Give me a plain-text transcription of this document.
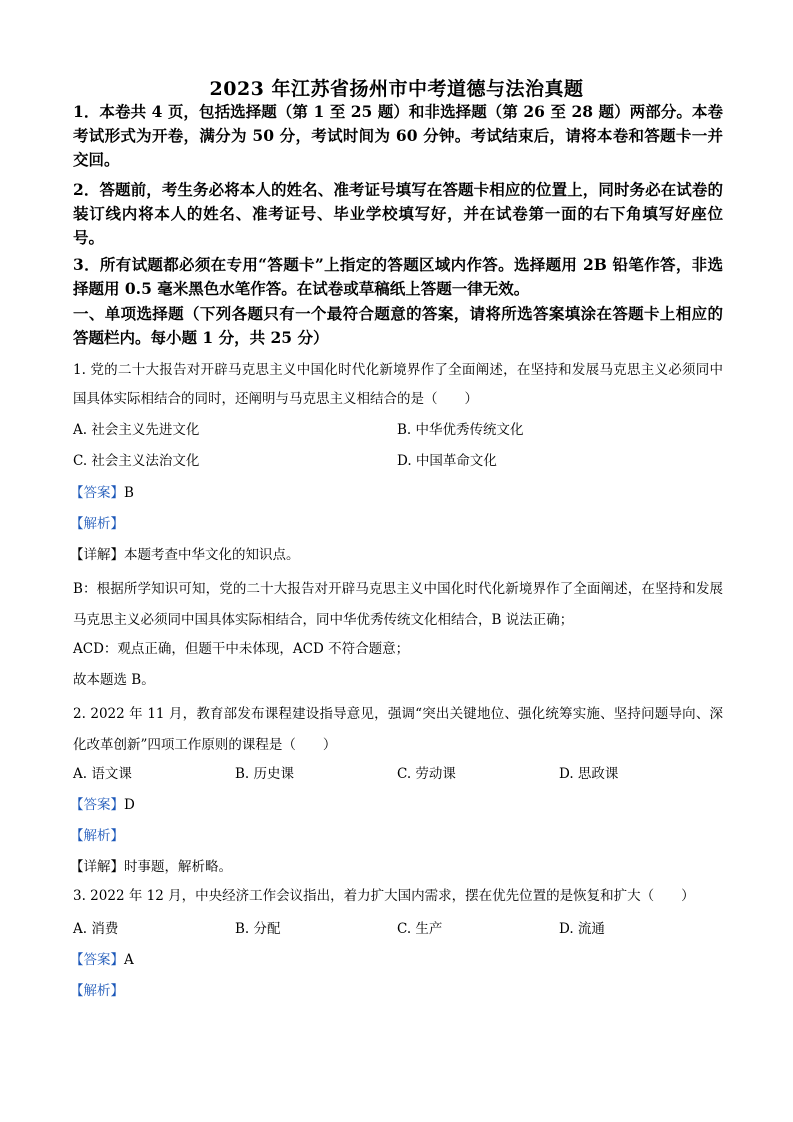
2023 年江苏省扬州市中考道德与法治真题
1．本卷共 4 页，包括选择题（第 1 至 25 题）和非选择题（第 26 至 28 题）两部分。本卷考试形式为开卷，满分为 50 分，考试时间为 60 分钟。考试结束后，请将本卷和答题卡一并交回。
2．答题前，考生务必将本人的姓名、准考证号填写在答题卡相应的位置上，同时务必在试卷的装订线内将本人的姓名、准考证号、毕业学校填写好，并在试卷第一面的右下角填写好座位号。
3．所有试题都必须在专用“答题卡”上指定的答题区域内作答。选择题用 2B 铅笔作答，非选择题用 0.5 毫米黑色水笔作答。在试卷或草稿纸上答题一律无效。
一、单项选择题（下列各题只有一个最符合题意的答案，请将所选答案填涂在答题卡上相应的答题栏内。每小题 1 分，共 25 分）
1. 党的二十大报告对开辟马克思主义中国化时代化新境界作了全面阐述，在坚持和发展马克思主义必须同中国具体实际相结合的同时，还阐明与马克思主义相结合的是（　　）
A. 社会主义先进文化	B. 中华优秀传统文化
C. 社会主义法治文化	D. 中国革命文化
【答案】B
【解析】
【详解】本题考查中华文化的知识点。
B：根据所学知识可知，党的二十大报告对开辟马克思主义中国化时代化新境界作了全面阐述，在坚持和发展马克思主义必须同中国具体实际相结合，同中华优秀传统文化相结合，B 说法正确；
ACD：观点正确，但题干中未体现，ACD 不符合题意；
故本题选 B。
2. 2022 年 11 月，教育部发布课程建设指导意见，强调“突出关键地位、强化统筹实施、坚持问题导向、深化改革创新”四项工作原则的课程是（　　）
A. 语文课	B. 历史课	C. 劳动课	D. 思政课
【答案】D
【解析】
【详解】时事题，解析略。
3. 2022 年 12 月，中央经济工作会议指出，着力扩大国内需求，摆在优先位置的是恢复和扩大（　　）
A. 消费	B. 分配	C. 生产	D. 流通
【答案】A
【解析】
